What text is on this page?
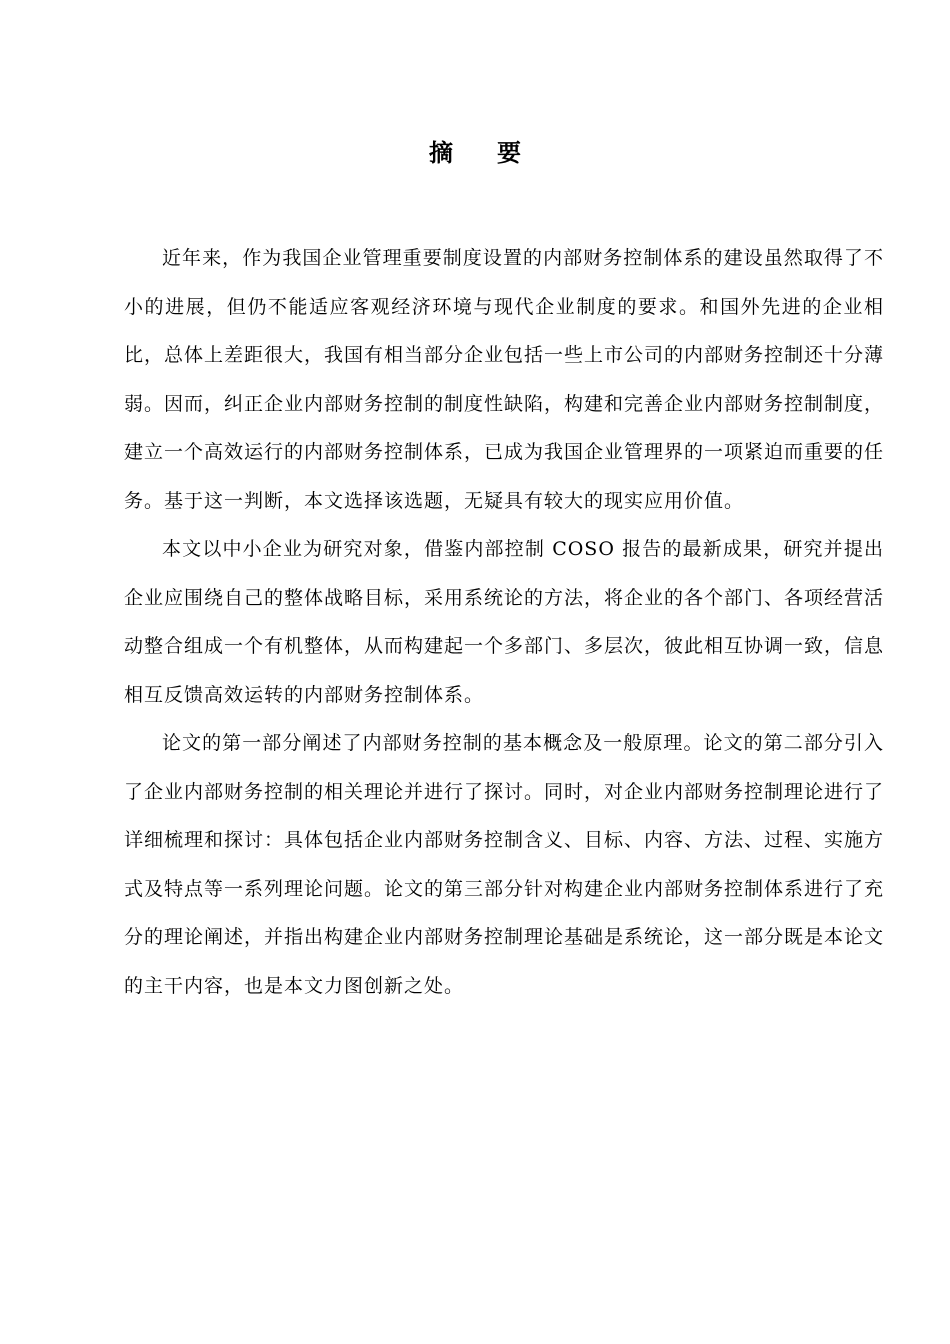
摘要

近年来，作为我国企业管理重要制度设置的内部财务控制体系的建设虽然取得了不小的进展，但仍不能适应客观经济环境与现代企业制度的要求。和国外先进的企业相比，总体上差距很大，我国有相当部分企业包括一些上市公司的内部财务控制还十分薄弱。因而，纠正企业内部财务控制的制度性缺陷，构建和完善企业内部财务控制制度，建立一个高效运行的内部财务控制体系，已成为我国企业管理界的一项紧迫而重要的任务。基于这一判断，本文选择该选题，无疑具有较大的现实应用价值。

本文以中小企业为研究对象，借鉴内部控制 COSO 报告的最新成果，研究并提出企业应围绕自己的整体战略目标，采用系统论的方法，将企业的各个部门、各项经营活动整合组成一个有机整体，从而构建起一个多部门、多层次，彼此相互协调一致，信息相互反馈高效运转的内部财务控制体系。

论文的第一部分阐述了内部财务控制的基本概念及一般原理。论文的第二部分引入了企业内部财务控制的相关理论并进行了探讨。同时，对企业内部财务控制理论进行了详细梳理和探讨：具体包括企业内部财务控制含义、目标、内容、方法、过程、实施方式及特点等一系列理论问题。论文的第三部分针对构建企业内部财务控制体系进行了充分的理论阐述，并指出构建企业内部财务控制理论基础是系统论，这一部分既是本论文的主干内容，也是本文力图创新之处。
